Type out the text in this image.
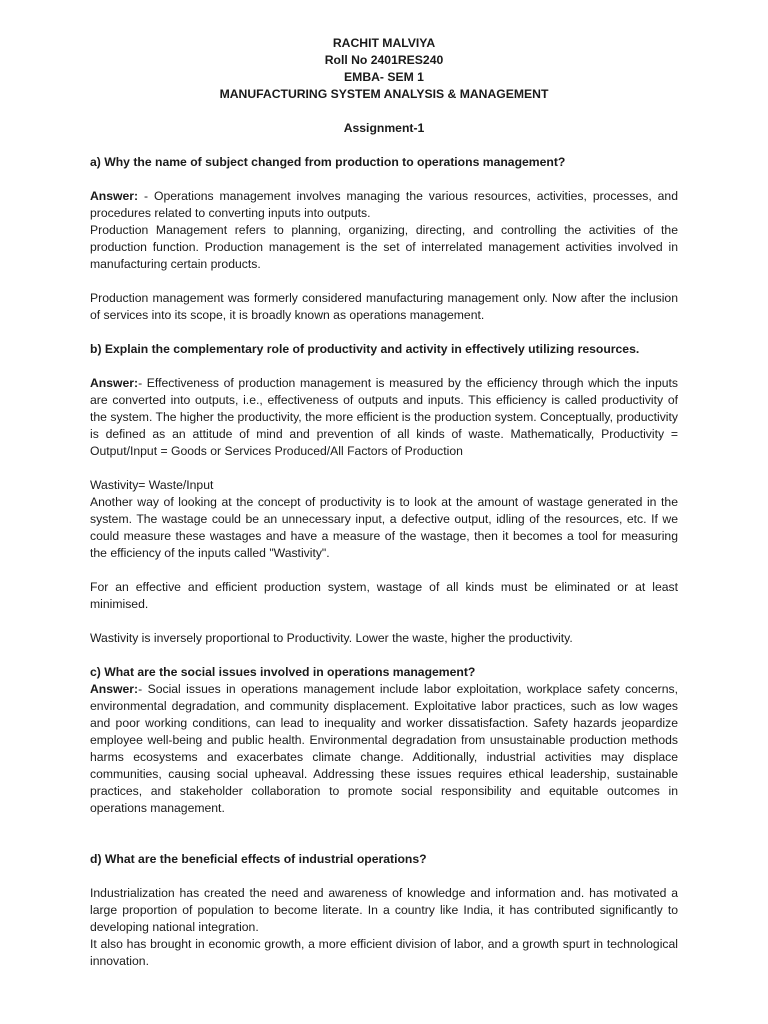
RACHIT MALVIYA
Roll No 2401RES240
EMBA- SEM 1
MANUFACTURING SYSTEM ANALYSIS & MANAGEMENT
Assignment-1
a) Why the name of subject changed from production to operations management?

Answer: - Operations management involves managing the various resources, activities, processes, and procedures related to converting inputs into outputs.

Production Management refers to planning, organizing, directing, and controlling the activities of the production function. Production management is the set of interrelated management activities involved in manufacturing certain products.

Production management was formerly considered manufacturing management only. Now after the inclusion of services into its scope, it is broadly known as operations management.

b) Explain the complementary role of productivity and activity in effectively utilizing resources.

Answer:- Effectiveness of production management is measured by the efficiency through which the inputs are converted into outputs, i.e., effectiveness of outputs and inputs. This efficiency is called productivity of the system. The higher the productivity, the more efficient is the production system. Conceptually, productivity is defined as an attitude of mind and prevention of all kinds of waste. Mathematically, Productivity = Output/Input = Goods or Services Produced/All Factors of Production

Wastivity= Waste/Input

Another way of looking at the concept of productivity is to look at the amount of wastage generated in the system. The wastage could be an unnecessary input, a defective output, idling of the resources, etc. If we could measure these wastages and have a measure of the wastage, then it becomes a tool for measuring the efficiency of the inputs called "Wastivity".

For an effective and efficient production system, wastage of all kinds must be eliminated or at least minimised.

Wastivity is inversely proportional to Productivity. Lower the waste, higher the productivity.

c) What are the social issues involved in operations management?

Answer:- Social issues in operations management include labor exploitation, workplace safety concerns, environmental degradation, and community displacement. Exploitative labor practices, such as low wages and poor working conditions, can lead to inequality and worker dissatisfaction. Safety hazards jeopardize employee well-being and public health. Environmental degradation from unsustainable production methods harms ecosystems and exacerbates climate change. Additionally, industrial activities may displace communities, causing social upheaval. Addressing these issues requires ethical leadership, sustainable practices, and stakeholder collaboration to promote social responsibility and equitable outcomes in operations management.

d) What are the beneficial effects of industrial operations?

Industrialization has created the need and awareness of knowledge and information and. has motivated a large proportion of population to become literate. In a country like India, it has contributed significantly to developing national integration.

It also has brought in economic growth, a more efficient division of labor, and a growth spurt in technological innovation.
